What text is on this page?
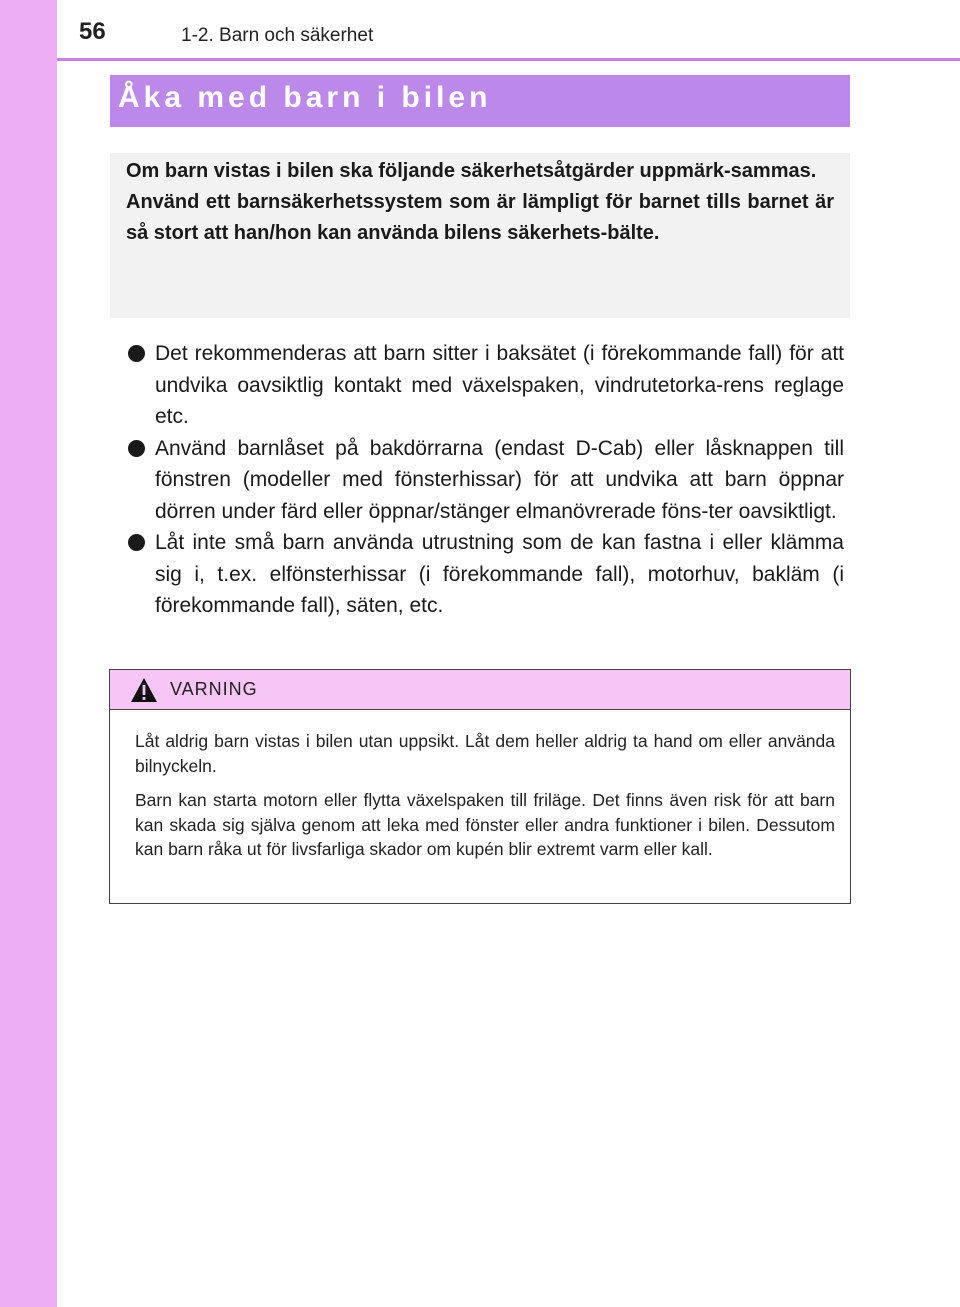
56	1-2. Barn och säkerhet
Åka med barn i bilen

Om barn vistas i bilen ska följande säkerhetsåtgärder uppmärk-sammas.

Använd ett barnsäkerhetssystem som är lämpligt för barnet tills barnet är så stort att han/hon kan använda bilens säkerhets-bälte.

Det rekommenderas att barn sitter i baksätet (i förekommande fall) för att undvika oavsiktlig kontakt med växelspaken, vindrutetorka-rens reglage etc.
Använd barnlåset på bakdörrarna (endast D-Cab) eller låsknappen till fönstren (modeller med fönsterhissar) för att undvika att barn öppnar dörren under färd eller öppnar/stänger elmanövrerade föns-ter oavsiktligt.
Låt inte små barn använda utrustning som de kan fastna i eller klämma sig i, t.ex. elfönsterhissar (i förekommande fall), motorhuv, bakläm (i förekommande fall), säten, etc.
VARNING

Låt aldrig barn vistas i bilen utan uppsikt. Låt dem heller aldrig ta hand om eller använda bilnyckeln.

Barn kan starta motorn eller flytta växelspaken till friläge. Det finns även risk för att barn kan skada sig själva genom att leka med fönster eller andra funktioner i bilen. Dessutom kan barn råka ut för livsfarliga skador om kupén blir extremt varm eller kall.
